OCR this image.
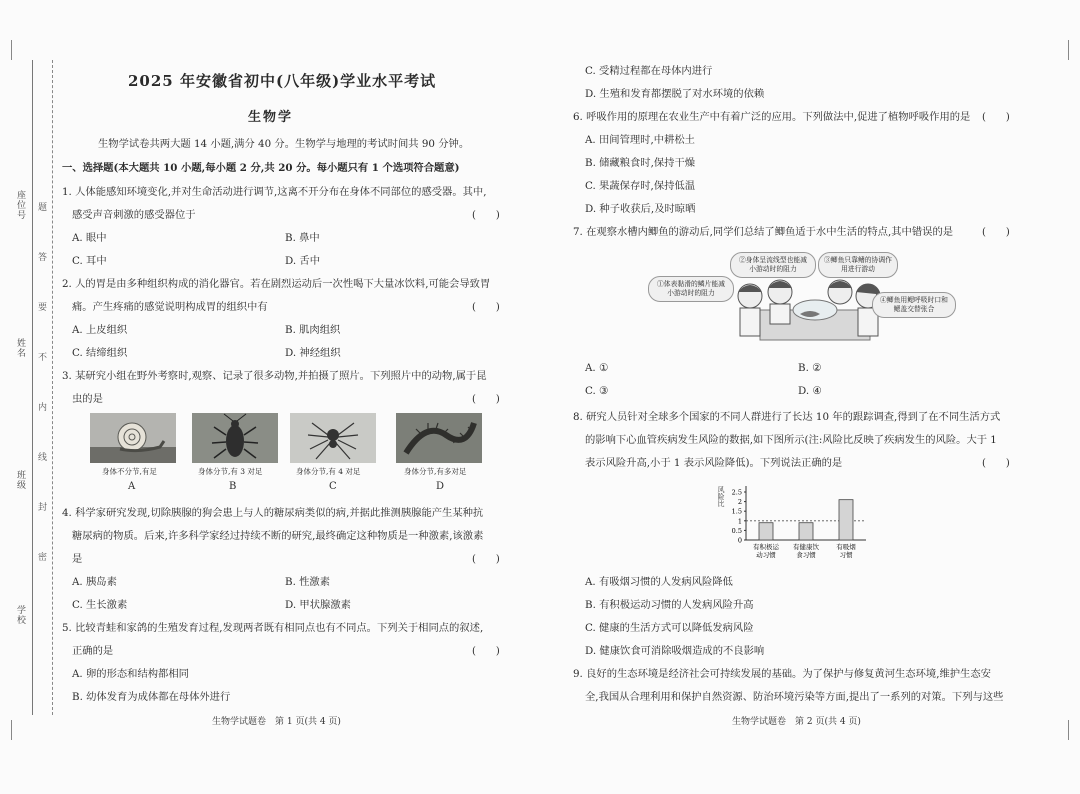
座位号
姓名
班级
学校
题
答
要
不
内
线
封
密
2025 年安徽省初中(八年级)学业水平考试
生物学
生物学试卷共两大题 14 小题,满分 40 分。生物学与地理的考试时间共 90 分钟。
一、选择题(本大题共 10 小题,每小题 2 分,共 20 分。每小题只有 1 个选项符合题意)
1. 人体能感知环境变化,并对生命活动进行调节,这离不开分布在身体不同部位的感受器。其中,
感受声音刺激的感受器位于	(　　)
A. 眼中	B. 鼻中
C. 耳中	D. 舌中
2. 人的胃是由多种组织构成的消化器官。若在剧烈运动后一次性喝下大量冰饮料,可能会导致胃
痛。产生疼痛的感觉说明构成胃的组织中有	(　　)
A. 上皮组织	B. 肌肉组织
C. 结缔组织	D. 神经组织
3. 某研究小组在野外考察时,观察、记录了很多动物,并拍摄了照片。下列照片中的动物,属于昆
虫的是	(　　)
身体不分节,有足	身体分节,有 3 对足	身体分节,有 4 对足	身体分节,有多对足
A	B	C	D
4. 科学家研究发现,切除胰腺的狗会患上与人的糖尿病类似的病,并据此推测胰腺能产生某种抗
糖尿病的物质。后来,许多科学家经过持续不断的研究,最终确定这种物质是一种激素,该激素
是	(　　)
A. 胰岛素	B. 性激素
C. 生长激素	D. 甲状腺激素
5. 比较青蛙和家鸽的生殖发育过程,发现两者既有相同点也有不同点。下列关于相同点的叙述,
正确的是	(　　)
A. 卵的形态和结构都相同
B. 幼体发育为成体都在母体外进行
生物学试题卷　第 1 页(共 4 页)
C. 受精过程都在母体内进行
D. 生殖和发育都摆脱了对水环境的依赖
6. 呼吸作用的原理在农业生产中有着广泛的应用。下列做法中,促进了植物呼吸作用的是 (　　)
A. 田间管理时,中耕松土
B. 储藏粮食时,保持干燥
C. 果蔬保存时,保持低温
D. 种子收获后,及时晾晒
7. 在观察水槽内鲫鱼的游动后,同学们总结了鲫鱼适于水中生活的特点,其中错误的是	(　　)
A. ①	B. ②
C. ③	D. ④
8. 研究人员针对全球多个国家的不同人群进行了长达 10 年的跟踪调查,得到了在不同生活方式
的影响下心血管疾病发生风险的数据,如下图所示(注:风险比反映了疾病发生的风险。大于 1
表示风险升高,小于 1 表示风险降低)。下列说法正确的是	(　　)
A. 有吸烟习惯的人发病风险降低
B. 有积极运动习惯的人发病风险升高
C. 健康的生活方式可以降低发病风险
D. 健康饮食可消除吸烟造成的不良影响
9. 良好的生态环境是经济社会可持续发展的基础。为了保护与修复黄河生态环境,维护生态安
全,我国从合理利用和保护自然资源、防治环境污染等方面,提出了一系列的对策。下列与这些
生物学试题卷　第 2 页(共 4 页)
①体表黏滑的鳞片能减小游动时的阻力
②身体呈流线型也能减小游动时的阻力
③鲫鱼只靠鳍的协调作用进行游动
④鲫鱼用鳃呼吸时口和鳃盖交替张合
风险比
0
0.5
1
1.5
2
2.5
有积极运
动习惯
有健康饮
食习惯
有吸烟
习惯
